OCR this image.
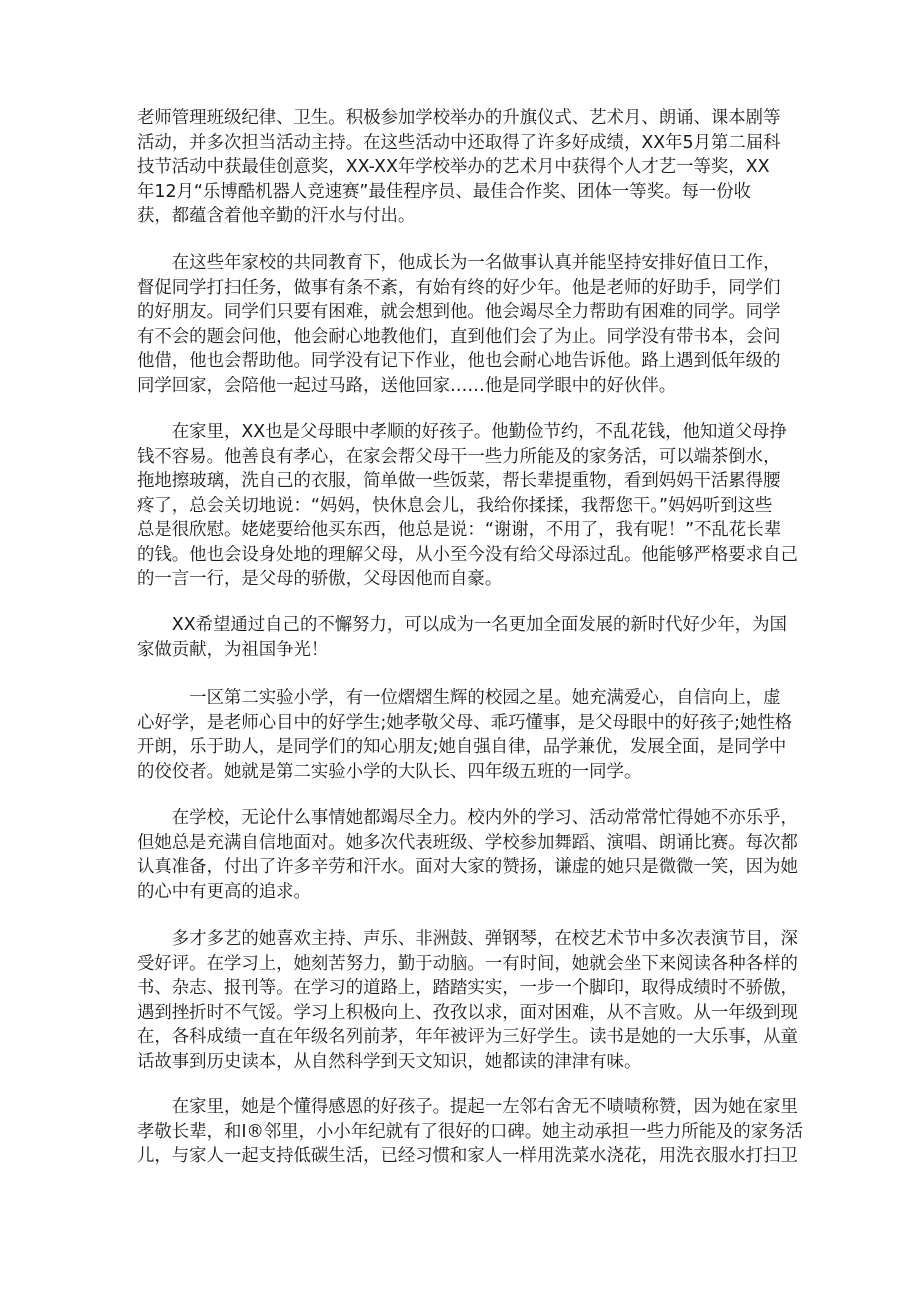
老师管理班级纪律、卫生。积极参加学校举办的升旗仪式、艺术月、朗诵、课本剧等
活动，并多次担当活动主持。在这些活动中还取得了许多好成绩，XX年5月第二届科
技节活动中获最佳创意奖，XX-XX年学校举办的艺术月中获得个人才艺一等奖，XX
年12月“乐博酷机器人竞速赛”最佳程序员、最佳合作奖、团体一等奖。每一份收
获，都蕴含着他辛勤的汗水与付出。
　　在这些年家校的共同教育下，他成长为一名做事认真并能坚持安排好值日工作，
督促同学打扫任务，做事有条不紊，有始有终的好少年。他是老师的好助手，同学们
的好朋友。同学们只要有困难，就会想到他。他会竭尽全力帮助有困难的同学。同学
有不会的题会问他，他会耐心地教他们，直到他们会了为止。同学没有带书本，会问
他借，他也会帮助他。同学没有记下作业，他也会耐心地告诉他。路上遇到低年级的
同学回家，会陪他一起过马路，送他回家……他是同学眼中的好伙伴。
　　在家里，XX也是父母眼中孝顺的好孩子。他勤俭节约，不乱花钱，他知道父母挣
钱不容易。他善良有孝心，在家会帮父母干一些力所能及的家务活，可以端茶倒水，
拖地擦玻璃，洗自己的衣服，简单做一些饭菜，帮长辈提重物，看到妈妈干活累得腰
疼了，总会关切地说：“妈妈，快休息会儿，我给你揉揉，我帮您干。”妈妈听到这些
总是很欣慰。姥姥要给他买东西，他总是说：“谢谢，不用了，我有呢！”不乱花长辈
的钱。他也会设身处地的理解父母，从小至今没有给父母添过乱。他能够严格要求自己
的一言一行，是父母的骄傲，父母因他而自豪。
　　XX希望通过自己的不懈努力，可以成为一名更加全面发展的新时代好少年，为国
家做贡献，为祖国争光！
　　　一区第二实验小学，有一位熠熠生辉的校园之星。她充满爱心，自信向上，虚
心好学，是老师心目中的好学生;她孝敬父母、乖巧懂事，是父母眼中的好孩子;她性格
开朗，乐于助人，是同学们的知心朋友;她自强自律，品学兼优，发展全面，是同学中
的佼佼者。她就是第二实验小学的大队长、四年级五班的一同学。
　　在学校，无论什么事情她都竭尽全力。校内外的学习、活动常常忙得她不亦乐乎，
但她总是充满自信地面对。她多次代表班级、学校参加舞蹈、演唱、朗诵比赛。每次都
认真准备，付出了许多辛劳和汗水。面对大家的赞扬，谦虚的她只是微微一笑，因为她
的心中有更高的追求。
　　多才多艺的她喜欢主持、声乐、非洲鼓、弹钢琴，在校艺术节中多次表演节目，深
受好评。在学习上，她刻苦努力，勤于动脑。一有时间，她就会坐下来阅读各种各样的
书、杂志、报刊等。在学习的道路上，踏踏实实，一步一个脚印，取得成绩时不骄傲，
遇到挫折时不气馁。学习上积极向上、孜孜以求，面对困难，从不言败。从一年级到现
在，各科成绩一直在年级名列前茅，年年被评为三好学生。读书是她的一大乐事，从童
话故事到历史读本，从自然科学到天文知识，她都读的津津有味。
　　在家里，她是个懂得感恩的好孩子。提起一左邻右舍无不啧啧称赞，因为她在家里
孝敬长辈，和I®邻里，小小年纪就有了很好的口碑。她主动承担一些力所能及的家务活
儿，与家人一起支持低碳生活，已经习惯和家人一样用洗菜水浇花，用洗衣服水打扫卫
